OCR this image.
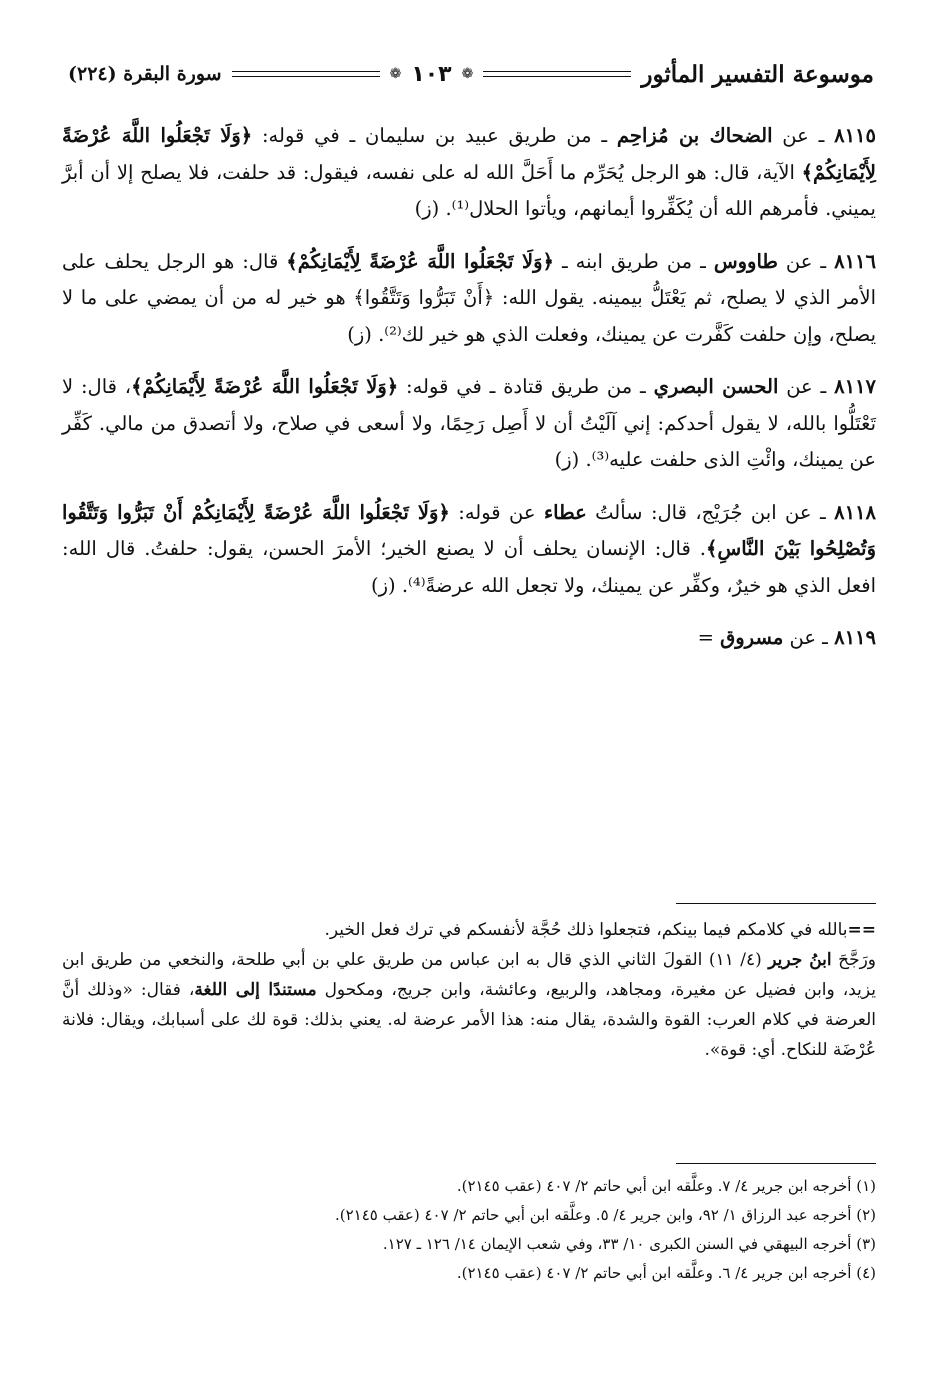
موسوعة التفسير المأثور
❁
١٠٣
❁
سورة البقرة (٢٢٤)

٨١١٥ ـ عن الضحاك بن مُزاحِم ـ من طريق عبيد بن سليمان ـ في قوله: ﴿وَلَا تَجْعَلُوا اللَّهَ عُرْضَةً لِأَيْمَانِكُمْ﴾ الآية، قال: هو الرجل يُحَرِّم ما أَحَلَّ الله له على نفسه، فيقول: قد حلفت، فلا يصلح إلا أن أبرَّ يميني. فأمرهم الله أن يُكَفِّروا أيمانهم، ويأتوا الحلال⁽¹⁾. (ز)

٨١١٦ ـ عن طاووس ـ من طريق ابنه ـ ﴿وَلَا تَجْعَلُوا اللَّهَ عُرْضَةً لِأَيْمَانِكُمْ﴾ قال: هو الرجل يحلف على الأمر الذي لا يصلح، ثم يَعْتَلُّ بيمينه. يقول الله: ﴿أَنْ تَبَرُّوا وَتَتَّقُوا﴾ هو خير له من أن يمضي على ما لا يصلح، وإن حلفت كَفَّرت عن يمينك، وفعلت الذي هو خير لك⁽²⁾. (ز)

٨١١٧ ـ عن الحسن البصري ـ من طريق قتادة ـ في قوله: ﴿وَلَا تَجْعَلُوا اللَّهَ عُرْضَةً لِأَيْمَانِكُمْ﴾، قال: لا تَعْتَلُّوا بالله، لا يقول أحدكم: إني آلَيْتُ أن لا أَصِل رَحِمًا، ولا أسعى في صلاح، ولا أتصدق من مالي. كَفِّر عن يمينك، وائْتِ الذى حلفت عليه⁽³⁾. (ز)

٨١١٨ ـ عن ابن جُرَيْج، قال: سألتُ عطاء عن قوله: ﴿وَلَا تَجْعَلُوا اللَّهَ عُرْضَةً لِأَيْمَانِكُمْ أَنْ تَبَرُّوا وَتَتَّقُوا وَتُصْلِحُوا بَيْنَ النَّاسِ﴾. قال: الإنسان يحلف أن لا يصنع الخير؛ الأمرَ الحسن، يقول: حلفتُ. قال الله: افعل الذي هو خيرٌ، وكفِّر عن يمينك، ولا تجعل الله عرضةً⁽⁴⁾. (ز)

٨١١٩ ـ عن مسروق =

==بالله في كلامكم فيما بينكم، فتجعلوا ذلك حُجَّة لأنفسكم في ترك فعل الخير.

ورَجَّحَ ابنُ جرير (٤/ ١١) القولَ الثاني الذي قال به ابن عباس من طريق علي بن أبي طلحة، والنخعي من طريق ابن يزيد، وابن فضيل عن مغيرة، ومجاهد، والربيع، وعائشة، وابن جريج، ومكحول مستندًا إلى اللغة، فقال: «وذلك أنَّ العرضة في كلام العرب: القوة والشدة، يقال منه: هذا الأمر عرضة له. يعني بذلك: قوة لك على أسبابك، ويقال: فلانة عُرْضَة للنكاح. أي: قوة».

(١) أخرجه ابن جرير ٤/ ٧. وعلَّقه ابن أبي حاتم ٢/ ٤٠٧ (عقب ٢١٤٥).

(٢) أخرجه عبد الرزاق ١/ ٩٢، وابن جرير ٤/ ٥. وعلَّقه ابن أبي حاتم ٢/ ٤٠٧ (عقب ٢١٤٥).

(٣) أخرجه البيهقي في السنن الكبرى ١٠/ ٣٣، وفي شعب الإيمان ١٤/ ١٢٦ ـ ١٢٧.

(٤) أخرجه ابن جرير ٤/ ٦. وعلَّقه ابن أبي حاتم ٢/ ٤٠٧ (عقب ٢١٤٥).
